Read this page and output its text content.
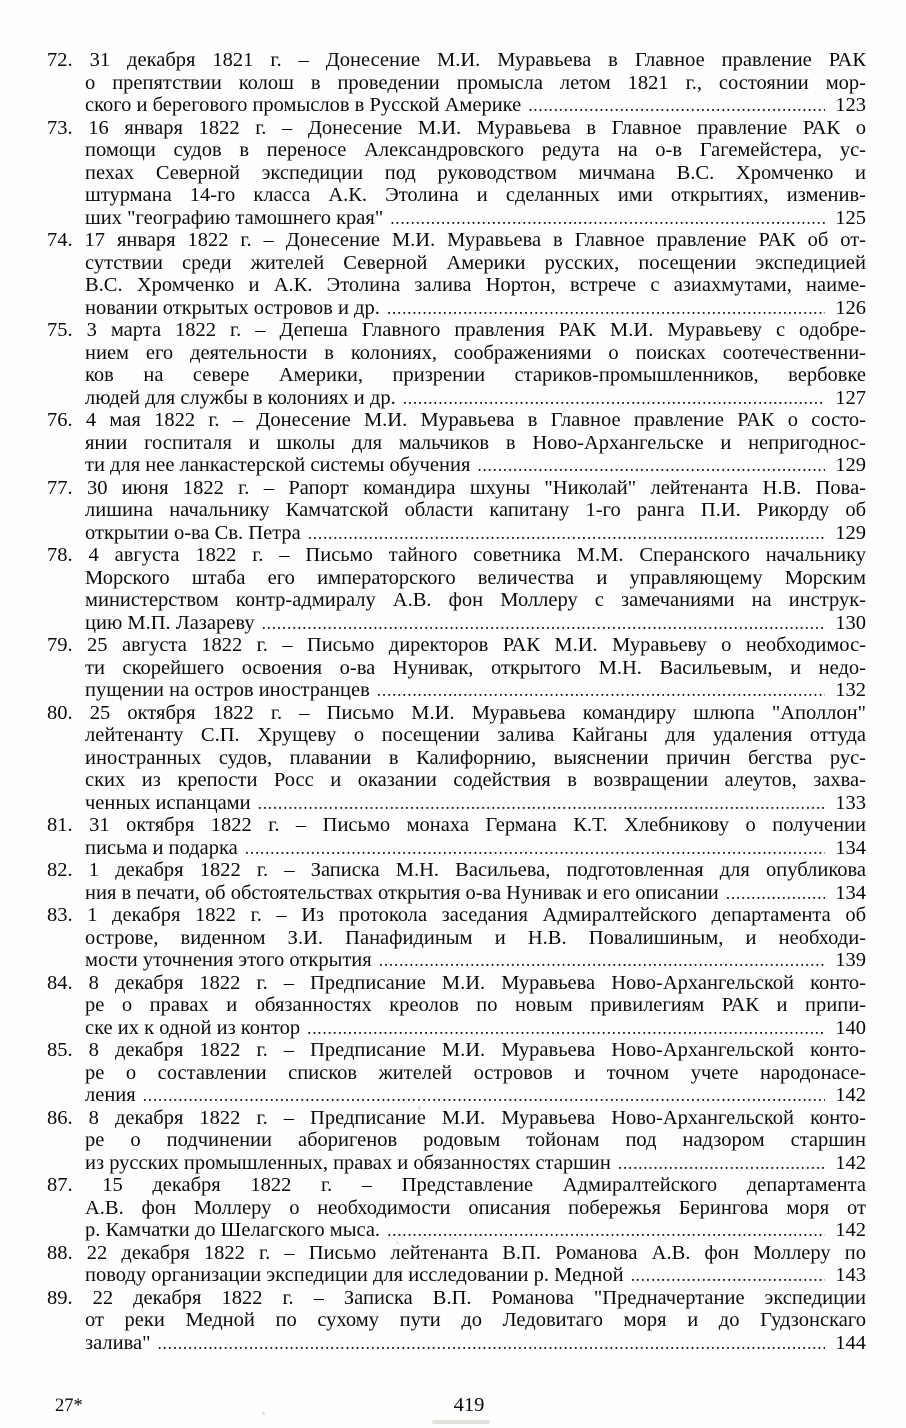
72. 31 декабря 1821 г. – Донесение М.И. Муравьева в Главное правление РАК
о препятствии колош в проведении промысла летом 1821 г., состоянии мор-
ского и берегового промыслов в Русской Америке .....	123
73. 16 января 1822 г. – Донесение М.И. Муравьева в Главное правление РАК о
помощи судов в переносе Александровского редута на о-в Гагемейстера, ус-
пехах Северной экспедиции под руководством мичмана В.С. Хромченко и
штурмана 14-го класса А.К. Этолина и сделанных ими открытиях, изменив-
ших "географию тамошнего края" .....	125
74. 17 января 1822 г. – Донесение М.И. Муравьева в Главное правление РАК об от-
сутствии среди жителей Северной Америки русских, посещении экспедицией
В.С. Хромченко и А.К. Этолина залива Нортон, встрече с азиахмутами, наиме-
новании открытых островов и др. .....	126
75. 3 марта 1822 г. – Депеша Главного правления РАК М.И. Муравьеву с одобре-
нием его деятельности в колониях, соображениями о поисках соотечественни-
ков на севере Америки, призрении стариков-промышленников, вербовке
людей для службы в колониях и др. .....	127
76. 4 мая 1822 г. – Донесение М.И. Муравьева в Главное правление РАК о состо-
янии госпиталя и школы для мальчиков в Ново-Архангельске и непригоднос-
ти для нее ланкастерской системы обучения .....	129
77. 30 июня 1822 г. – Рапорт командира шхуны "Николай" лейтенанта Н.В. Пова-
лишина начальнику Камчатской области капитану 1-го ранга П.И. Рикорду об
открытии о-ва Св. Петра .....	129
78. 4 августа 1822 г. – Письмо тайного советника М.М. Сперанского начальнику
Морского штаба его императорского величества и управляющему Морским
министерством контр-адмиралу А.В. фон Моллеру с замечаниями на инструк-
цию М.П. Лазареву .....	130
79. 25 августа 1822 г. – Письмо директоров РАК М.И. Муравьеву о необходимос-
ти скорейшего освоения о-ва Нунивак, открытого М.Н. Васильевым, и недо-
пущении на остров иностранцев .....	132
80. 25 октября 1822 г. – Письмо М.И. Муравьева командиру шлюпа "Аполлон"
лейтенанту С.П. Хрущеву о посещении залива Кайганы для удаления оттуда
иностранных судов, плавании в Калифорнию, выяснении причин бегства рус-
ских из крепости Росс и оказании содействия в возвращении алеутов, захва-
ченных испанцами .....	133
81. 31 октября 1822 г. – Письмо монаха Германа К.Т. Хлебникову о получении
письма и подарка .....	134
82. 1 декабря 1822 г. – Записка М.Н. Васильева, подготовленная для опубликова
ния в печати, об обстоятельствах открытия о-ва Нунивак и его описании .....	134
83. 1 декабря 1822 г. – Из протокола заседания Адмиралтейского департамента об
острове, виденном З.И. Панафидиным и Н.В. Повалишиным, и необходи-
мости уточнения этого открытия .....	139
84. 8 декабря 1822 г. – Предписание М.И. Муравьева Ново-Архангельской конто-
ре о правах и обязанностях креолов по новым привилегиям РАК и припи-
ске их к одной из контор .....	140
85. 8 декабря 1822 г. – Предписание М.И. Муравьева Ново-Архангельской конто-
ре о составлении списков жителей островов и точном учете народонасе-
ления .....	142
86. 8 декабря 1822 г. – Предписание М.И. Муравьева Ново-Архангельской конто-
ре о подчинении аборигенов родовым тойонам под надзором старшин
из русских промышленных, правах и обязанностях старшин .....	142
87. 15 декабря 1822 г. – Представление Адмиралтейского департамента
А.В. фон Моллеру о необходимости описания побережья Берингова моря от
р. Камчатки до Шелагского мыса. .....	142
88. 22 декабря 1822 г. – Письмо лейтенанта В.П. Романова А.В. фон Моллеру по
поводу организации экспедиции для исследовании р. Медной .....	143
89. 22 декабря 1822 г. – Записка В.П. Романова "Предначертание экспедиции
от реки Медной по сухому пути до Ледовитаго моря и до Гудзонскаго
залива" .....	144
27*	419
